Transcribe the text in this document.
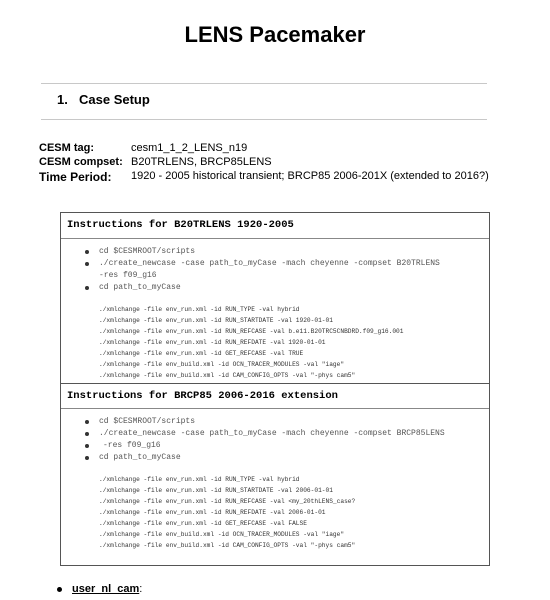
LENS Pacemaker
1. Case Setup
CESM tag:	cesm1_1_2_LENS_n19
CESM compset: B20TRLENS, BRCP85LENS
Time Period: 1920 - 2005 historical transient; BRCP85 2006-201X (extended to 2016?)
Instructions for B20TRLENS 1920-2005
cd $CESMROOT/scripts
./create_newcase -case path_to_myCase -mach cheyenne -compset B20TRLENS
-res f09_g16
cd path_to_myCase
./xmlchange -file env_run.xml -id RUN_TYPE -val hybrid
./xmlchange -file env_run.xml -id RUN_STARTDATE -val 1920-01-01
./xmlchange -file env_run.xml -id RUN_REFCASE -val b.e11.B20TRC5CNBDRD.f09_g16.001
./xmlchange -file env_run.xml -id RUN_REFDATE -val 1920-01-01
./xmlchange -file env_run.xml -id GET_REFCASE -val TRUE
./xmlchange -file env_build.xml -id OCN_TRACER_MODULES -val "iage"
./xmlchange -file env_build.xml -id CAM_CONFIG_OPTS -val "-phys cam5"
Instructions for BRCP85 2006-2016 extension
cd $CESMROOT/scripts
./create_newcase -case path_to_myCase -mach cheyenne -compset BRCP85LENS
-res f09_g16
cd path_to_myCase
./xmlchange -file env_run.xml -id RUN_TYPE -val hybrid
./xmlchange -file env_run.xml -id RUN_STARTDATE -val 2006-01-01
./xmlchange -file env_run.xml -id RUN_REFCASE -val <my_20thLENS_case?
./xmlchange -file env_run.xml -id RUN_REFDATE -val 2006-01-01
./xmlchange -file env_run.xml -id GET_REFCASE -val FALSE
./xmlchange -file env_build.xml -id OCN_TRACER_MODULES -val "iage"
./xmlchange -file env_build.xml -id CAM_CONFIG_OPTS -val "-phys cam5"
user_nl_cam:
